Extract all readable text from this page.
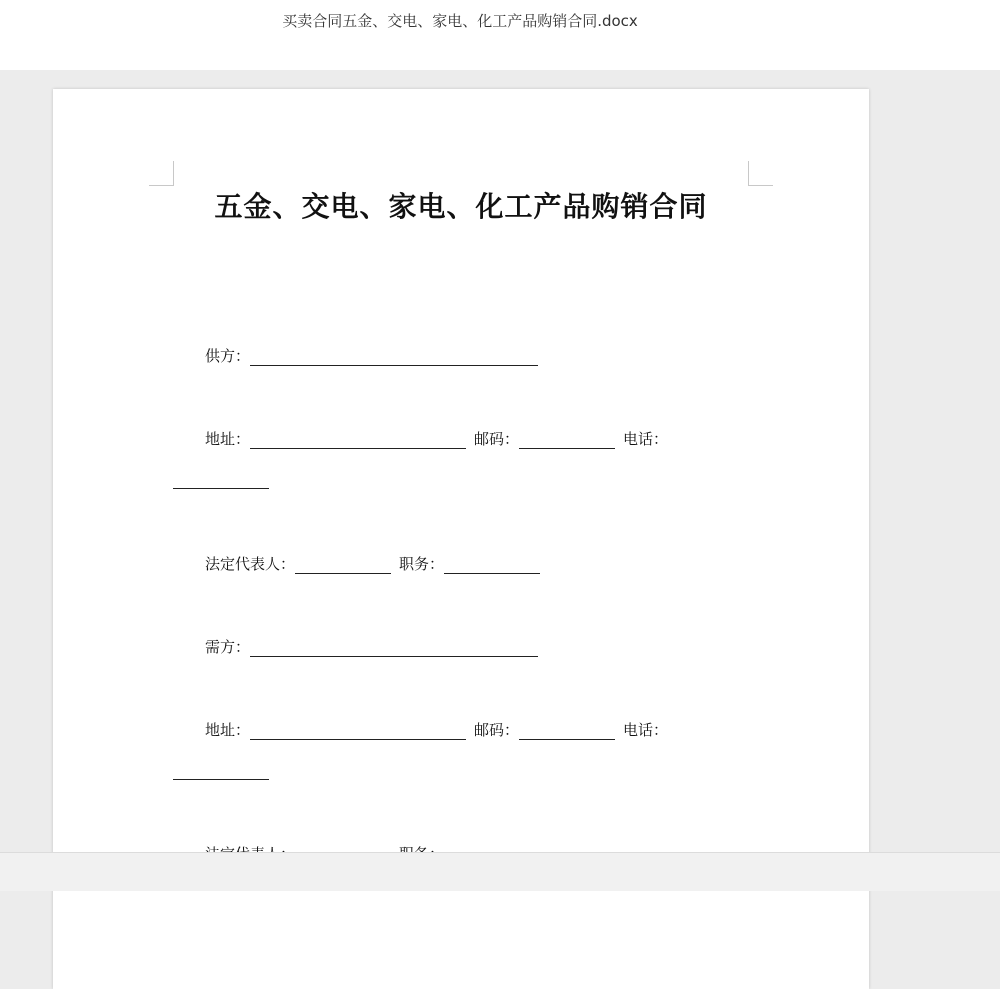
买卖合同五金、交电、家电、化工产品购销合同.docx
五金、交电、家电、化工产品购销合同
供方：
地址：	邮码：	电话：
法定代表人：	职务：
需方：
地址：	邮码：	电话：
